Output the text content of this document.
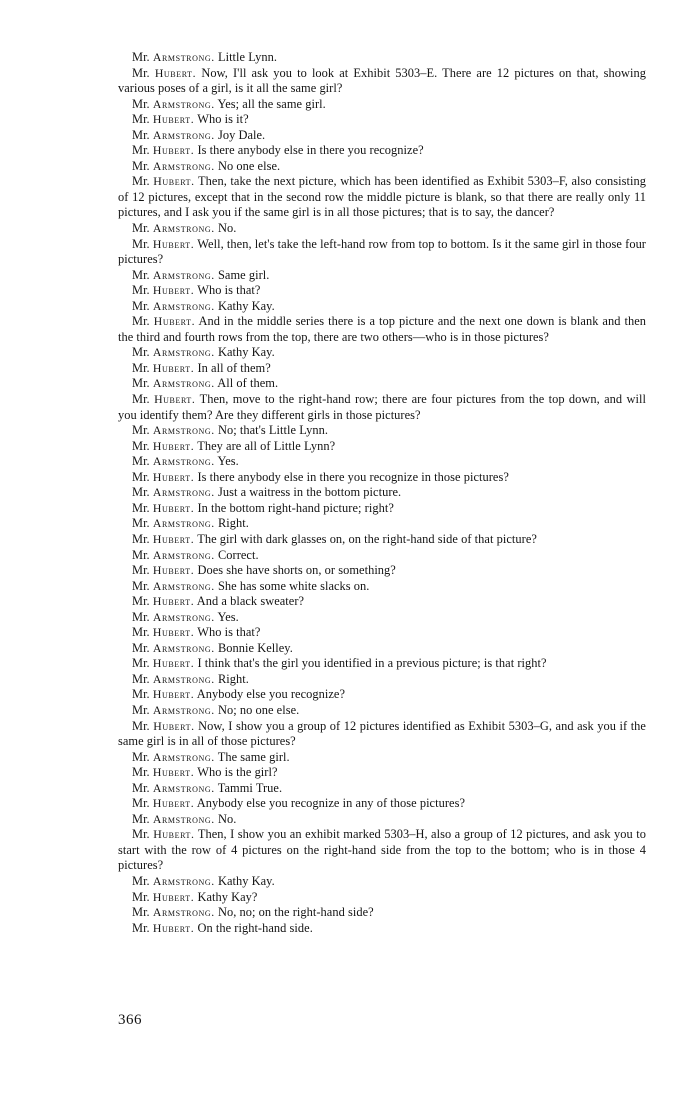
Mr. Armstrong. Little Lynn.

Mr. Hubert. Now, I'll ask you to look at Exhibit 5303–E. There are 12 pictures on that, showing various poses of a girl, is it all the same girl?

Mr. Armstrong. Yes; all the same girl.

Mr. Hubert. Who is it?

Mr. Armstrong. Joy Dale.

Mr. Hubert. Is there anybody else in there you recognize?

Mr. Armstrong. No one else.

Mr. Hubert. Then, take the next picture, which has been identified as Exhibit 5303–F, also consisting of 12 pictures, except that in the second row the middle picture is blank, so that there are really only 11 pictures, and I ask you if the same girl is in all those pictures; that is to say, the dancer?

Mr. Armstrong. No.

Mr. Hubert. Well, then, let's take the left-hand row from top to bottom. Is it the same girl in those four pictures?

Mr. Armstrong. Same girl.

Mr. Hubert. Who is that?

Mr. Armstrong. Kathy Kay.

Mr. Hubert. And in the middle series there is a top picture and the next one down is blank and then the third and fourth rows from the top, there are two others—who is in those pictures?

Mr. Armstrong. Kathy Kay.

Mr. Hubert. In all of them?

Mr. Armstrong. All of them.

Mr. Hubert. Then, move to the right-hand row; there are four pictures from the top down, and will you identify them? Are they different girls in those pictures?

Mr. Armstrong. No; that's Little Lynn.

Mr. Hubert. They are all of Little Lynn?

Mr. Armstrong. Yes.

Mr. Hubert. Is there anybody else in there you recognize in those pictures?

Mr. Armstrong. Just a waitress in the bottom picture.

Mr. Hubert. In the bottom right-hand picture; right?

Mr. Armstrong. Right.

Mr. Hubert. The girl with dark glasses on, on the right-hand side of that picture?

Mr. Armstrong. Correct.

Mr. Hubert. Does she have shorts on, or something?

Mr. Armstrong. She has some white slacks on.

Mr. Hubert. And a black sweater?

Mr. Armstrong. Yes.

Mr. Hubert. Who is that?

Mr. Armstrong. Bonnie Kelley.

Mr. Hubert. I think that's the girl you identified in a previous picture; is that right?

Mr. Armstrong. Right.

Mr. Hubert. Anybody else you recognize?

Mr. Armstrong. No; no one else.

Mr. Hubert. Now, I show you a group of 12 pictures identified as Exhibit 5303–G, and ask you if the same girl is in all of those pictures?

Mr. Armstrong. The same girl.

Mr. Hubert. Who is the girl?

Mr. Armstrong. Tammi True.

Mr. Hubert. Anybody else you recognize in any of those pictures?

Mr. Armstrong. No.

Mr. Hubert. Then, I show you an exhibit marked 5303–H, also a group of 12 pictures, and ask you to start with the row of 4 pictures on the right-hand side from the top to the bottom; who is in those 4 pictures?

Mr. Armstrong. Kathy Kay.

Mr. Hubert. Kathy Kay?

Mr. Armstrong. No, no; on the right-hand side?

Mr. Hubert. On the right-hand side.

366
